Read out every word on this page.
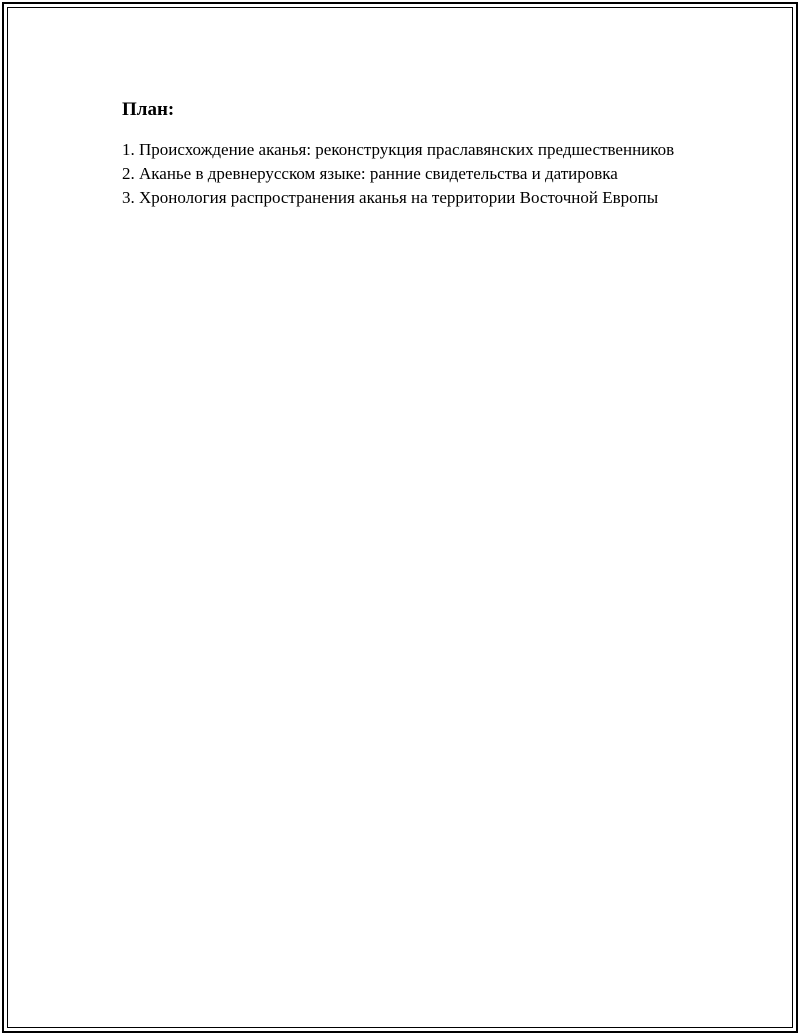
План:
1. Происхождение аканья: реконструкция праславянских предшественников
2. Аканье в древнерусском языке: ранние свидетельства и датировка
3. Хронология распространения аканья на территории Восточной Европы
